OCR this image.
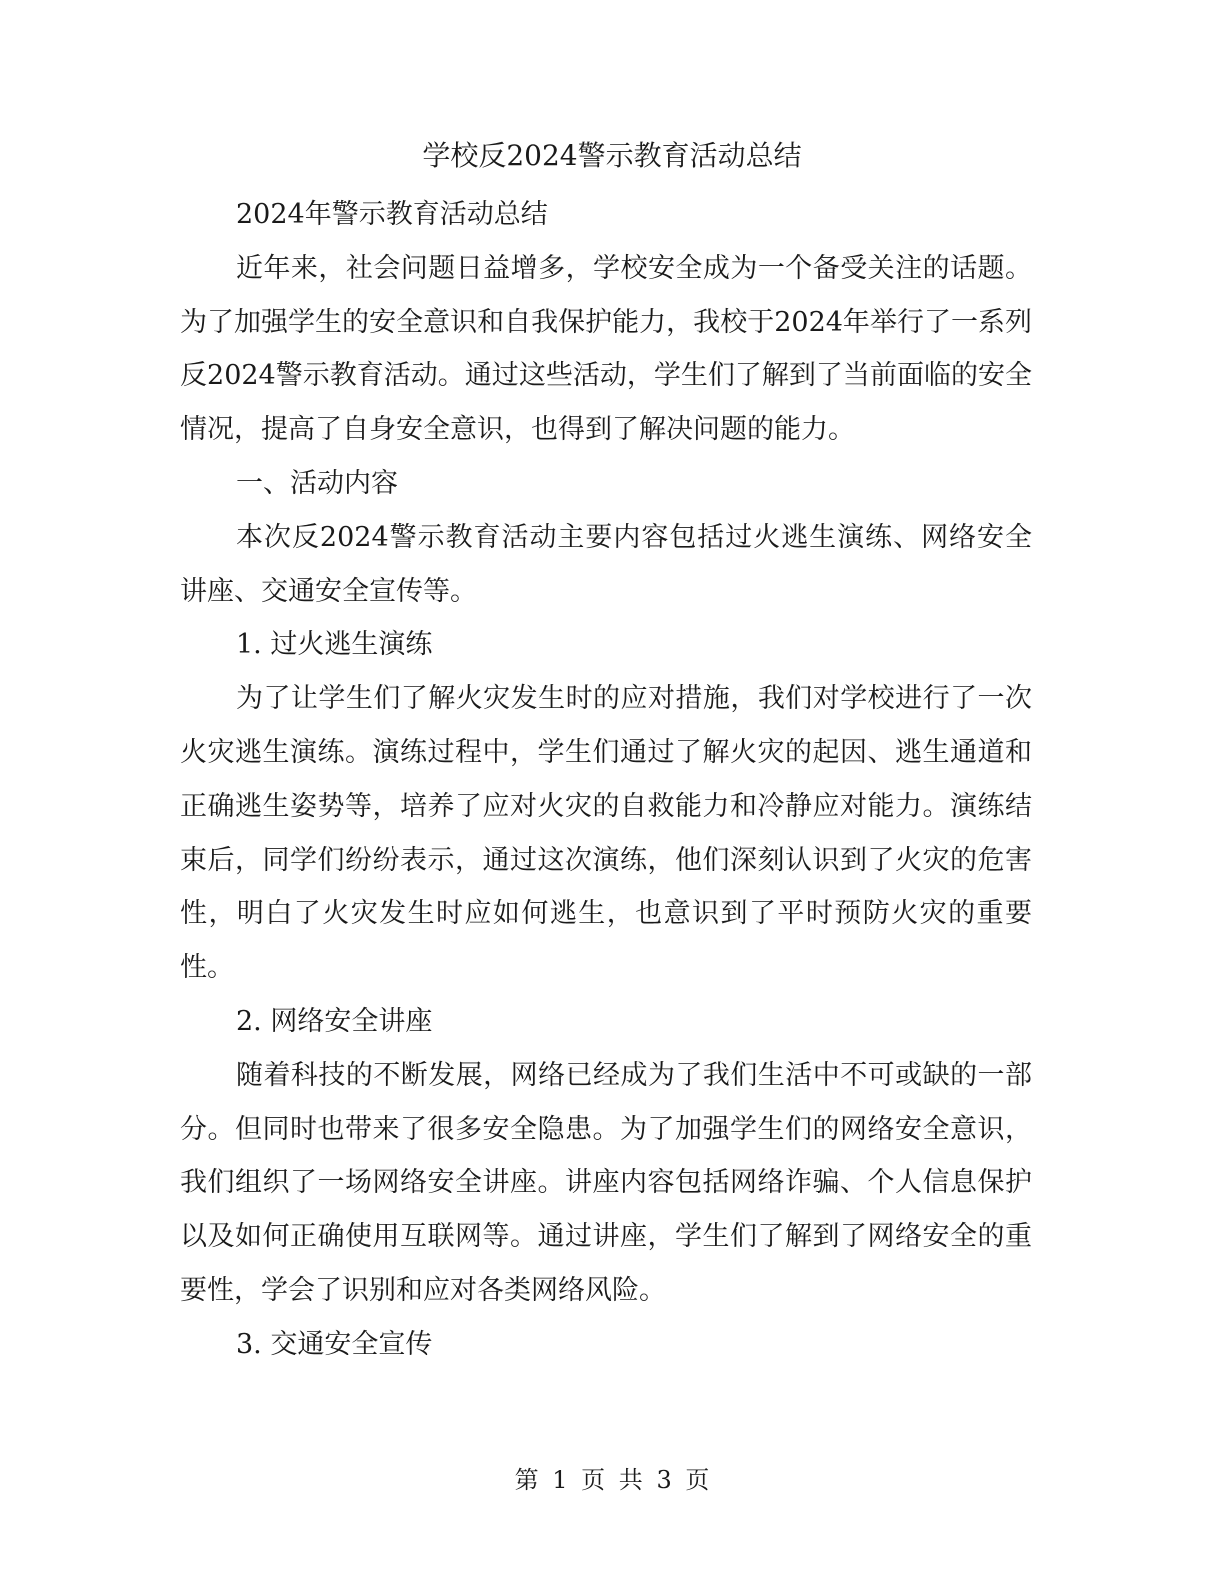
学校反2024警示教育活动总结

2024年警示教育活动总结

近年来，社会问题日益增多，学校安全成为一个备受关注的话题。为了加强学生的安全意识和自我保护能力，我校于2024年举行了一系列反2024警示教育活动。通过这些活动，学生们了解到了当前面临的安全情况，提高了自身安全意识，也得到了解决问题的能力。

一、活动内容

本次反2024警示教育活动主要内容包括过火逃生演练、网络安全讲座、交通安全宣传等。

1. 过火逃生演练

为了让学生们了解火灾发生时的应对措施，我们对学校进行了一次火灾逃生演练。演练过程中，学生们通过了解火灾的起因、逃生通道和正确逃生姿势等，培养了应对火灾的自救能力和冷静应对能力。演练结束后，同学们纷纷表示，通过这次演练，他们深刻认识到了火灾的危害性，明白了火灾发生时应如何逃生，也意识到了平时预防火灾的重要性。

2. 网络安全讲座

随着科技的不断发展，网络已经成为了我们生活中不可或缺的一部分。但同时也带来了很多安全隐患。为了加强学生们的网络安全意识，我们组织了一场网络安全讲座。讲座内容包括网络诈骗、个人信息保护以及如何正确使用互联网等。通过讲座，学生们了解到了网络安全的重要性，学会了识别和应对各类网络风险。

3. 交通安全宣传

第 1 页 共 3 页
